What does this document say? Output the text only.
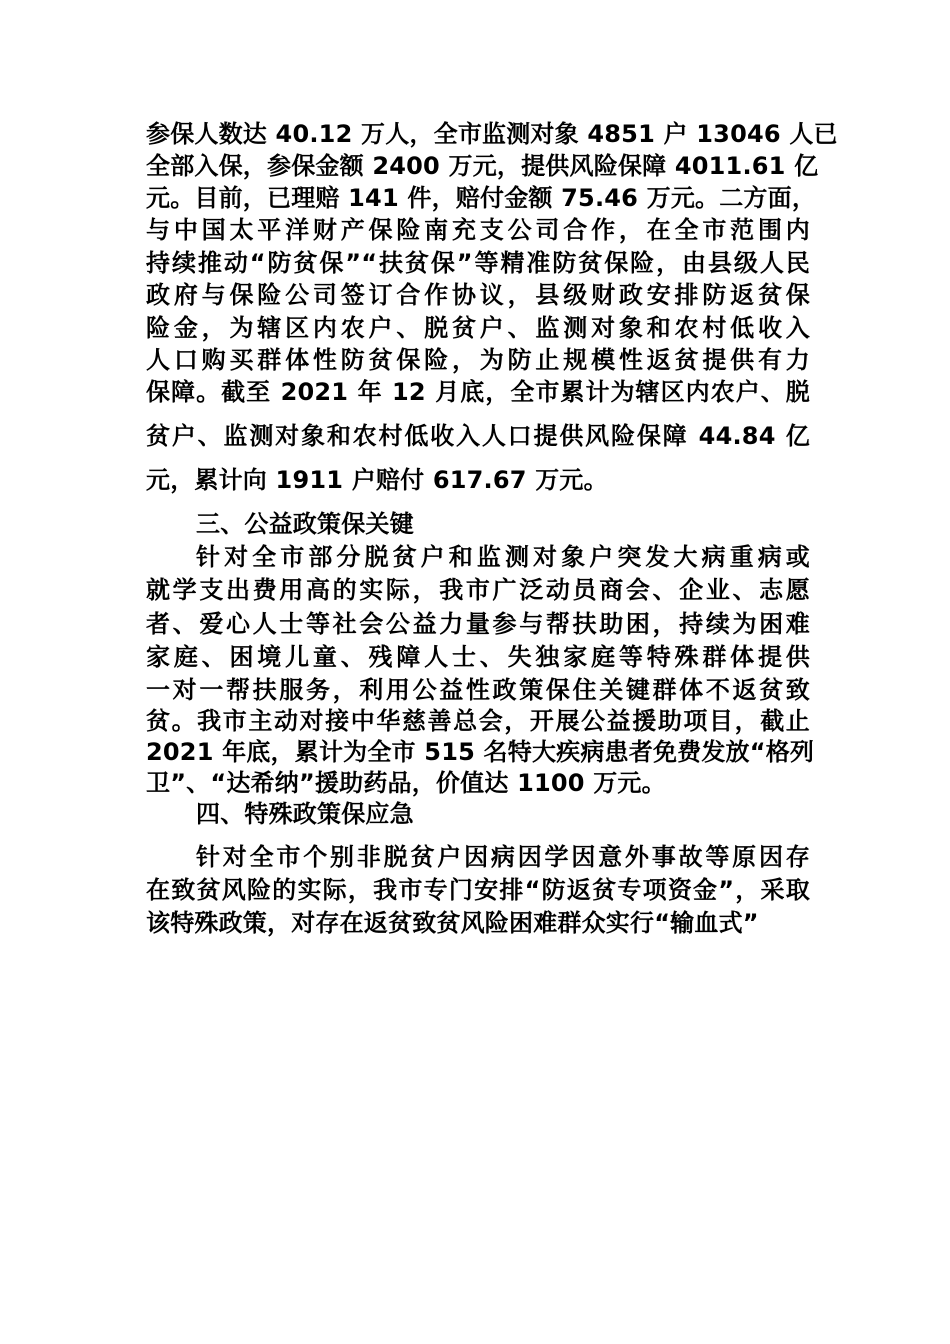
参保人数达 40.12 万人，全市监测对象 4851 户 13046 人已
全部入保，参保金额 2400 万元，提供风险保障 4011.61 亿
元。目前，已理赔 141 件，赔付金额 75.46 万元。二方面，
与中国太平洋财产保险南充支公司合作，在全市范围内
持续推动“防贫保”“扶贫保”等精准防贫保险，由县级人民
政府与保险公司签订合作协议，县级财政安排防返贫保
险金，为辖区内农户、脱贫户、监测对象和农村低收入
人口购买群体性防贫保险，为防止规模性返贫提供有力
保障。截至 2021 年 12 月底，全市累计为辖区内农户、脱
贫户、监测对象和农村低收入人口提供风险保障 44.84 亿
元，累计向 1911 户赔付 617.67 万元。
三、公益政策保关键
针对全市部分脱贫户和监测对象户突发大病重病或
就学支出费用高的实际，我市广泛动员商会、企业、志愿
者、爱心人士等社会公益力量参与帮扶助困，持续为困难
家庭、困境儿童、残障人士、失独家庭等特殊群体提供
一对一帮扶服务，利用公益性政策保住关键群体不返贫致
贫。我市主动对接中华慈善总会，开展公益援助项目，截止
2021 年底，累计为全市 515 名特大疾病患者免费发放“格列
卫”、“达希纳”援助药品，价值达 1100 万元。
四、特殊政策保应急
针对全市个别非脱贫户因病因学因意外事故等原因存
在致贫风险的实际，我市专门安排“防返贫专项资金”，采取
该特殊政策，对存在返贫致贫风险困难群众实行“输血式”
